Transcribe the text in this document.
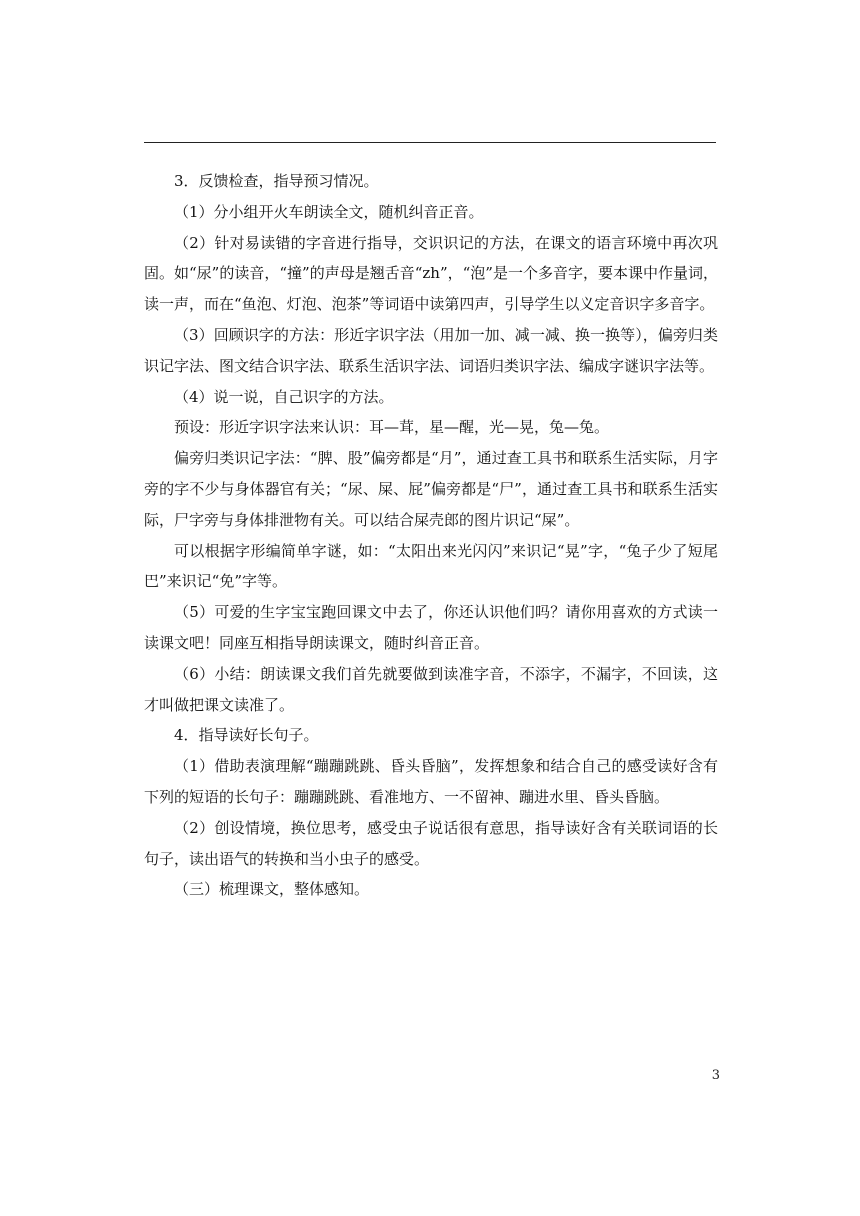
3．反馈检查，指导预习情况。

（1）分小组开火车朗读全文，随机纠音正音。

（2）针对易读错的字音进行指导，交识识记的方法，在课文的语言环境中再次巩固。如“尿”的读音，“撞”的声母是翘舌音“zh”，“泡”是一个多音字，要本课中作量词，读一声，而在“鱼泡、灯泡、泡茶”等词语中读第四声，引导学生以义定音识字多音字。

（3）回顾识字的方法：形近字识字法（用加一加、减一减、换一换等），偏旁归类识记字法、图文结合识字法、联系生活识字法、词语归类识字法、编成字谜识字法等。

（4）说一说，自己识字的方法。

预设：形近字识字法来认识：耳—茸，星—醒，光—晃，兔—兔。

偏旁归类识记字法：“脾、股”偏旁都是“月”，通过查工具书和联系生活实际，月字旁的字不少与身体器官有关；“尿、屎、屁”偏旁都是“尸”，通过查工具书和联系生活实际，尸字旁与身体排泄物有关。可以结合屎壳郎的图片识记“屎”。

可以根据字形编简单字谜，如：“太阳出来光闪闪”来识记“晃”字，“兔子少了短尾巴”来识记“免”字等。

（5）可爱的生字宝宝跑回课文中去了，你还认识他们吗？请你用喜欢的方式读一读课文吧！同座互相指导朗读课文，随时纠音正音。

（6）小结：朗读课文我们首先就要做到读准字音，不添字，不漏字，不回读，这才叫做把课文读准了。

4．指导读好长句子。

（1）借助表演理解“蹦蹦跳跳、昏头昏脑”，发挥想象和结合自己的感受读好含有下列的短语的长句子：蹦蹦跳跳、看准地方、一不留神、蹦进水里、昏头昏脑。

（2）创设情境，换位思考，感受虫子说话很有意思，指导读好含有关联词语的长句子，读出语气的转换和当小虫子的感受。

（三）梳理课文，整体感知。

3
